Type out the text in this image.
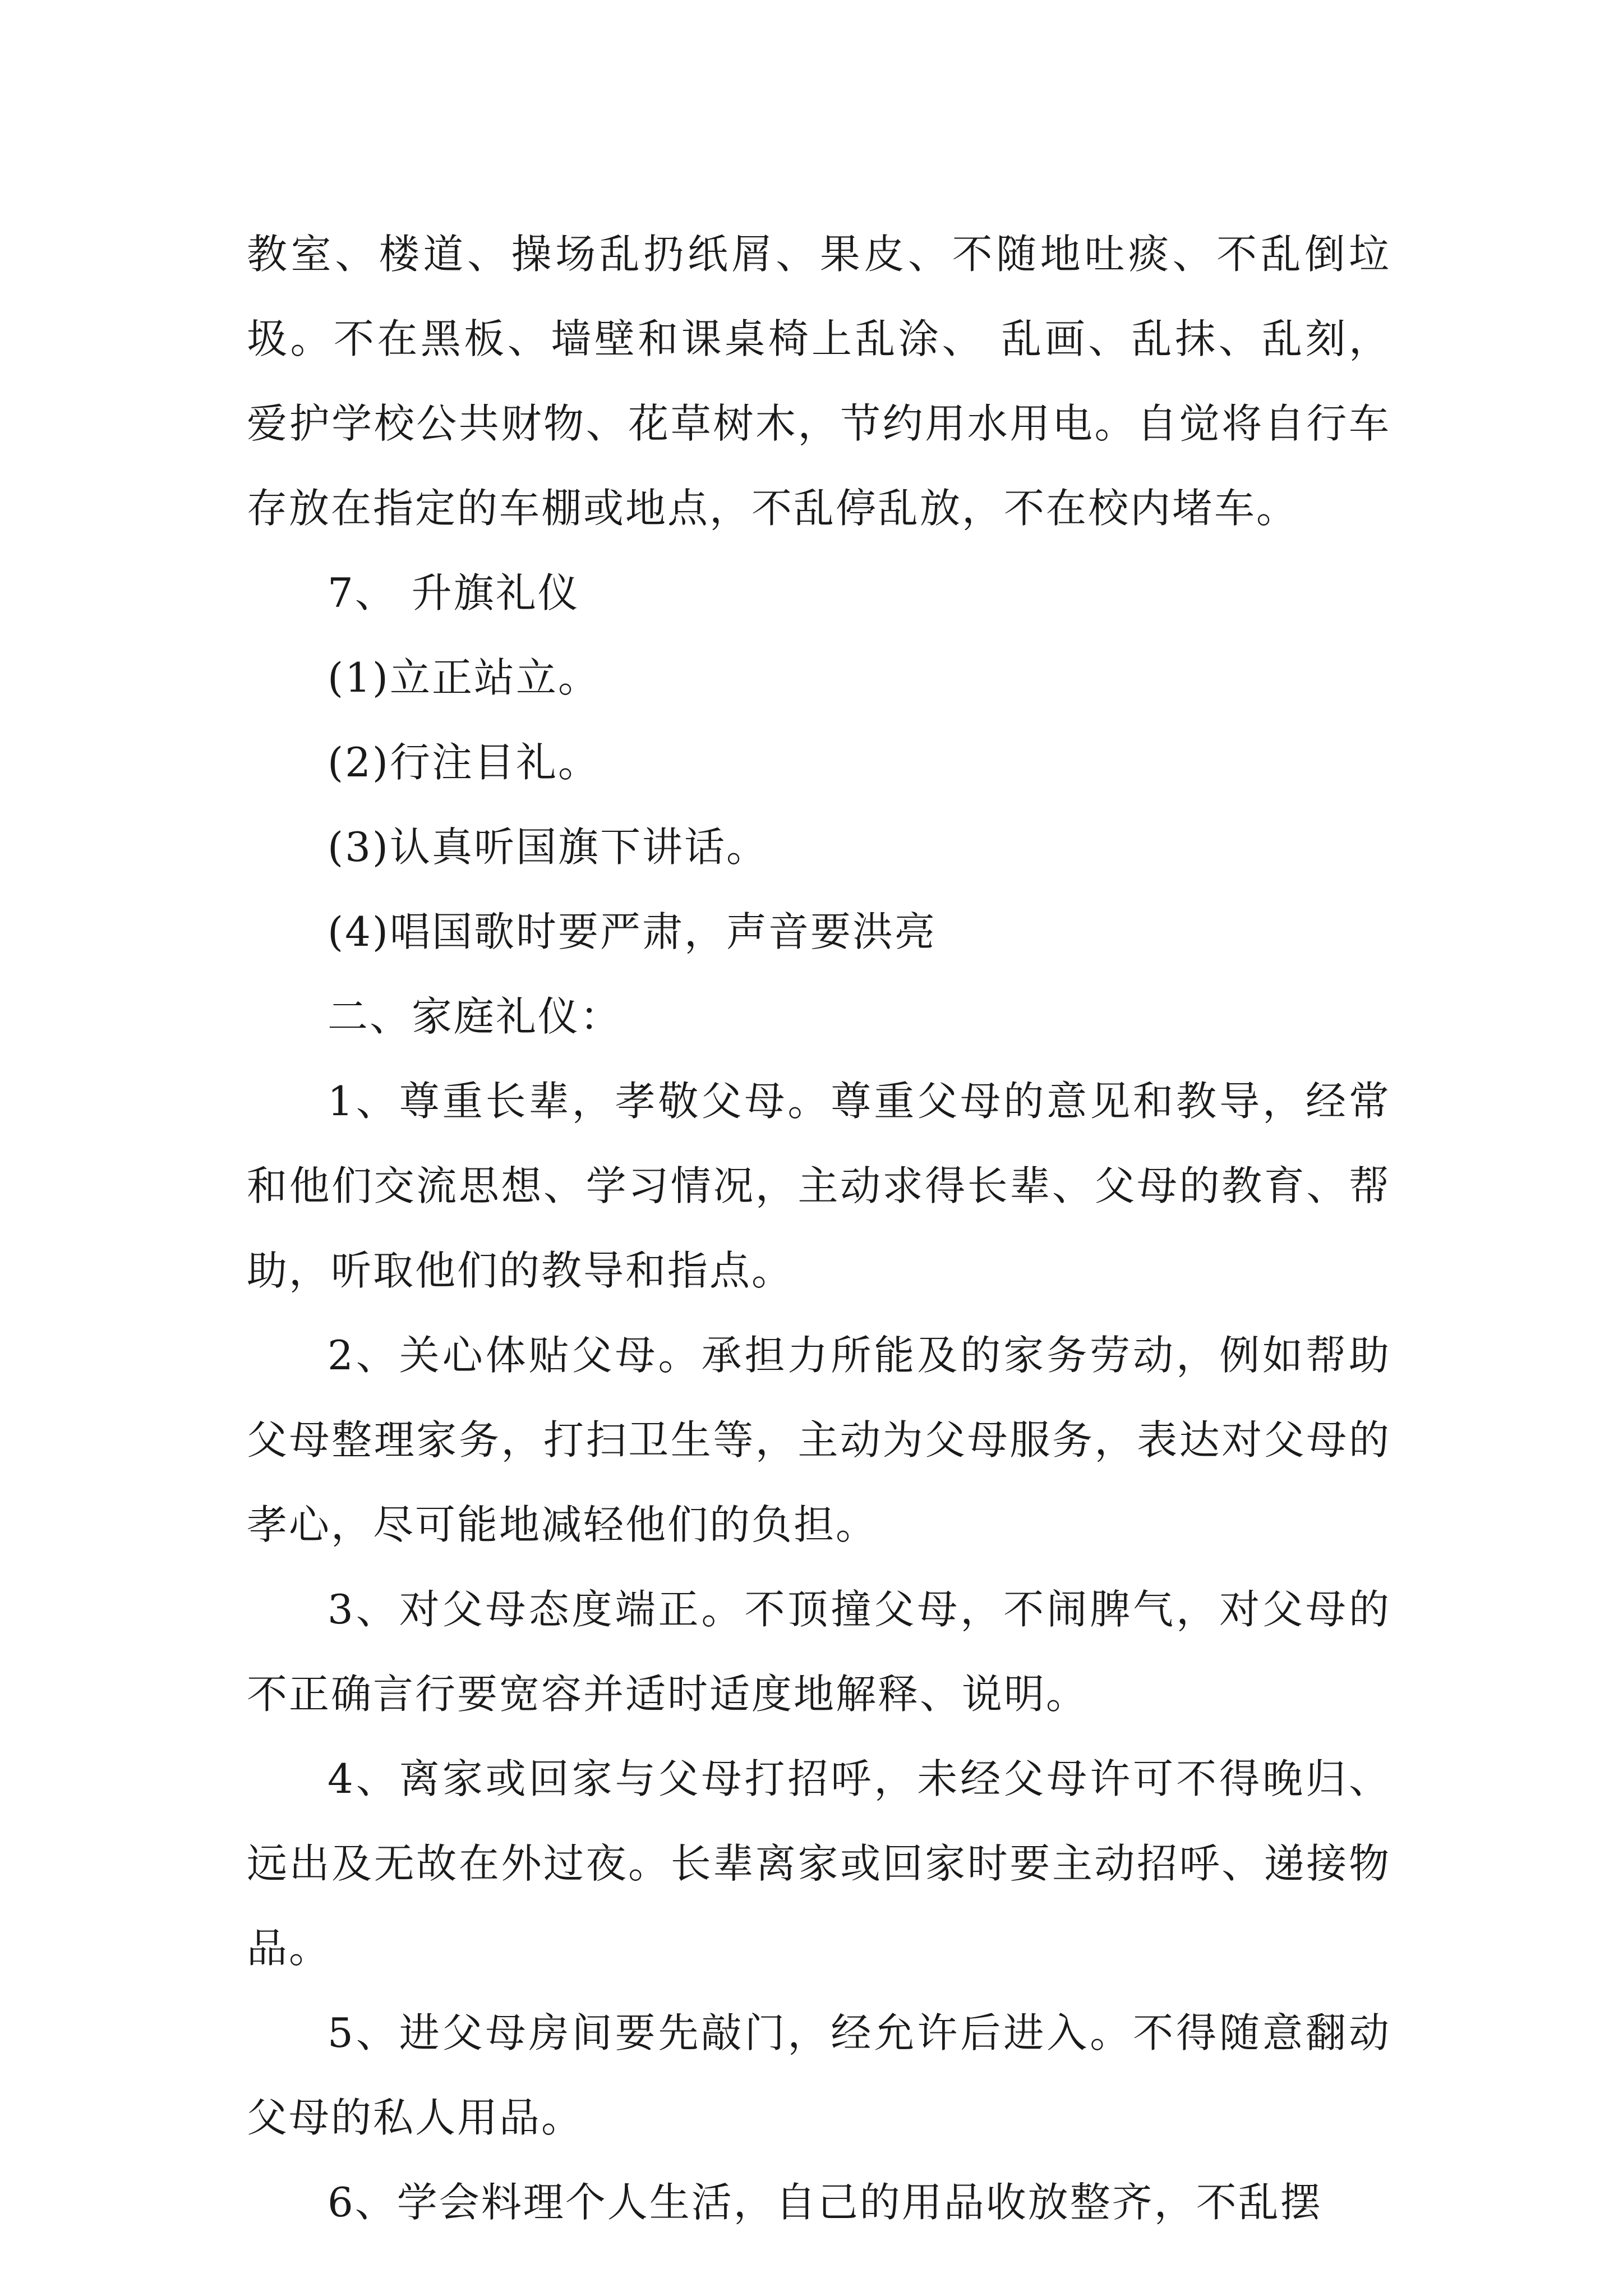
教室、楼道、操场乱扔纸屑、果皮、不随地吐痰、不乱倒垃圾。不在黑板、墙壁和课桌椅上乱涂、 乱画、乱抹、乱刻，爱护学校公共财物、花草树木，节约用水用电。自觉将自行车存放在指定的车棚或地点，不乱停乱放，不在校内堵车。

7、 升旗礼仪

(1)立正站立。

(2)行注目礼。

(3)认真听国旗下讲话。

(4)唱国歌时要严肃，声音要洪亮

二、家庭礼仪：

1、尊重长辈，孝敬父母。尊重父母的意见和教导，经常和他们交流思想、学习情况，主动求得长辈、父母的教育、帮助，听取他们的教导和指点。

2、关心体贴父母。承担力所能及的家务劳动，例如帮助父母整理家务，打扫卫生等，主动为父母服务，表达对父母的孝心，尽可能地减轻他们的负担。

3、对父母态度端正。不顶撞父母，不闹脾气，对父母的不正确言行要宽容并适时适度地解释、说明。

4、离家或回家与父母打招呼，未经父母许可不得晚归、远出及无故在外过夜。长辈离家或回家时要主动招呼、递接物品。

5、进父母房间要先敲门，经允许后进入。不得随意翻动父母的私人用品。

6、学会料理个人生活，自己的用品收放整齐，不乱摆
